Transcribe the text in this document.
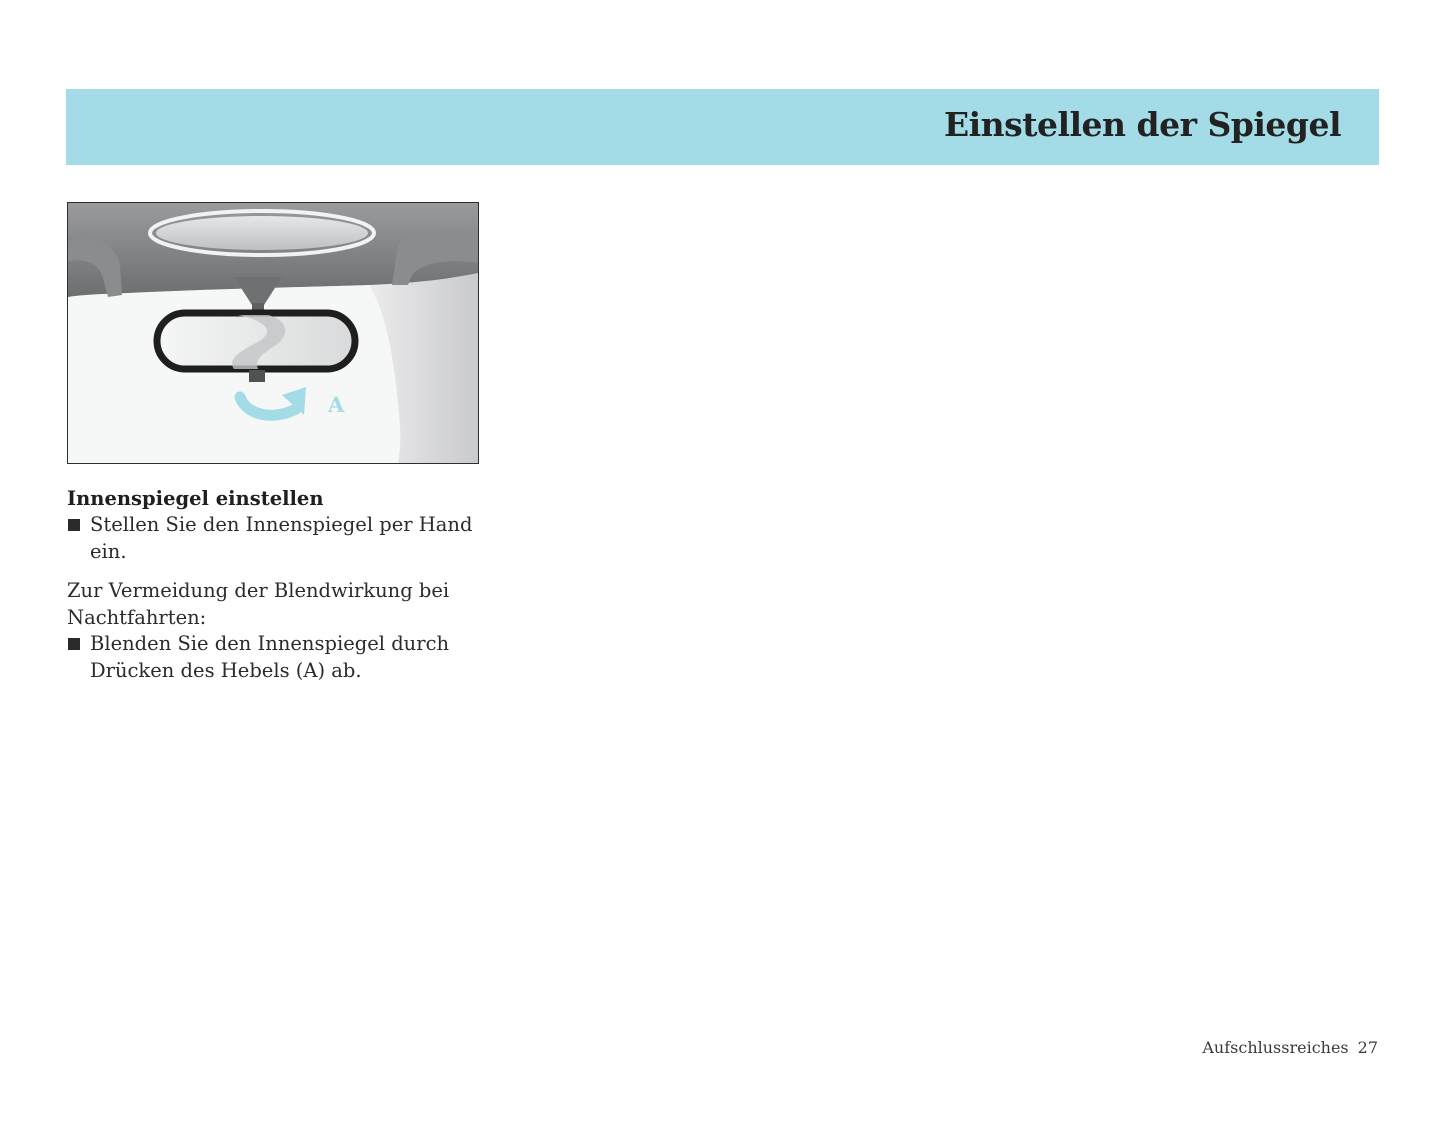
Einstellen der Spiegel
A
Innenspiegel einstellen
Stellen Sie den Innenspiegel per Hand ein.
Zur Vermeidung der Blendwirkung bei Nachtfahrten:
Blenden Sie den Innenspiegel durch Drücken des Hebels (A) ab.
Aufschlussreiches 27
